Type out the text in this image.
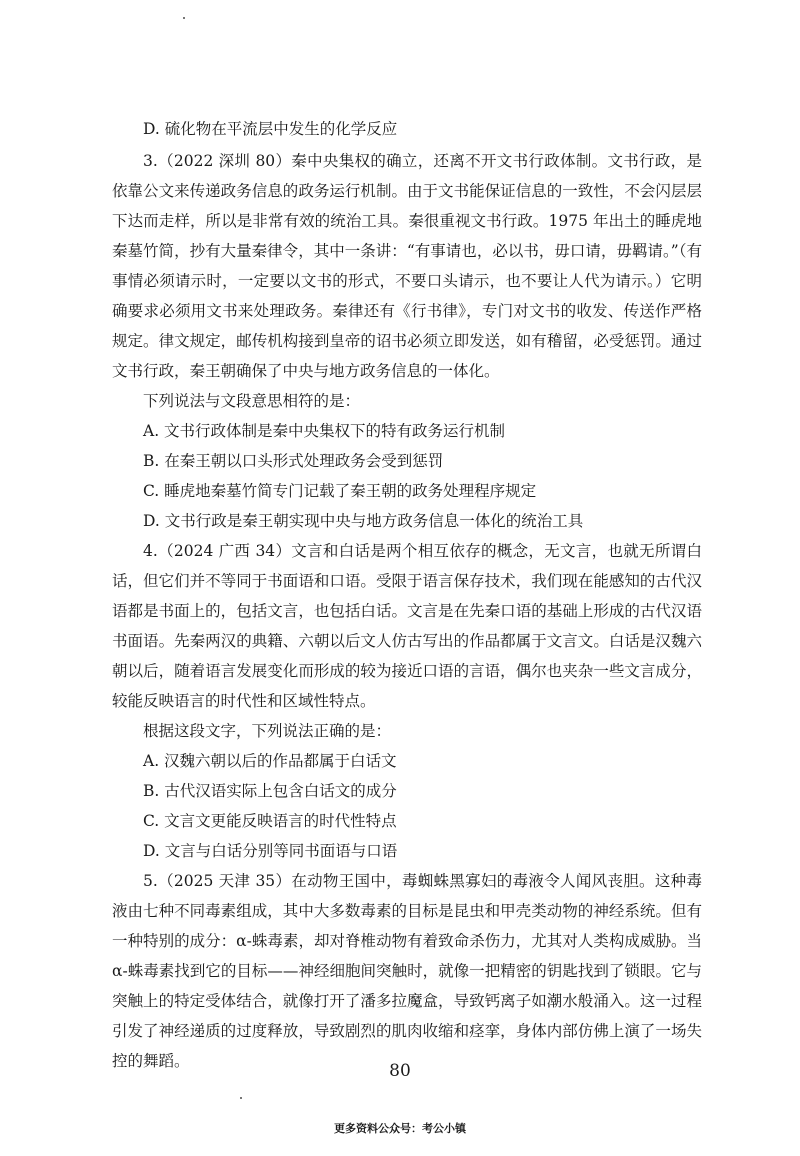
D. 硫化物在平流层中发生的化学反应

3.（2022 深圳 80）秦中央集权的确立，还离不开文书行政体制。文书行政，是依靠公文来传递政务信息的政务运行机制。由于文书能保证信息的一致性，不会闪层层下达而走样，所以是非常有效的统治工具。秦很重视文书行政。1975 年出土的睡虎地秦墓竹简，抄有大量秦律令，其中一条讲：“有事请也，必以书，毋口请，毋羁请。”（有事情必须请示时，一定要以文书的形式，不要口头请示，也不要让人代为请示。）它明确要求必须用文书来处理政务。秦律还有《行书律》，专门对文书的收发、传送作严格规定。律文规定，邮传机构接到皇帝的诏书必须立即发送，如有稽留，必受惩罚。通过文书行政，秦王朝确保了中央与地方政务信息的一体化。

下列说法与文段意思相符的是：

A. 文书行政体制是秦中央集权下的特有政务运行机制

B. 在秦王朝以口头形式处理政务会受到惩罚

C. 睡虎地秦墓竹简专门记载了秦王朝的政务处理程序规定

D. 文书行政是秦王朝实现中央与地方政务信息一体化的统治工具

4.（2024 广西 34）文言和白话是两个相互依存的概念，无文言，也就无所谓白话，但它们并不等同于书面语和口语。受限于语言保存技术，我们现在能感知的古代汉语都是书面上的，包括文言，也包括白话。文言是在先秦口语的基础上形成的古代汉语书面语。先秦两汉的典籍、六朝以后文人仿古写出的作品都属于文言文。白话是汉魏六朝以后，随着语言发展变化而形成的较为接近口语的言语，偶尔也夹杂一些文言成分，较能反映语言的时代性和区域性特点。

根据这段文字，下列说法正确的是：

A. 汉魏六朝以后的作品都属于白话文

B. 古代汉语实际上包含白话文的成分

C. 文言文更能反映语言的时代性特点

D. 文言与白话分别等同书面语与口语

5.（2025 天津 35）在动物王国中，毒蜘蛛黑寡妇的毒液令人闻风丧胆。这种毒液由七种不同毒素组成，其中大多数毒素的目标是昆虫和甲壳类动物的神经系统。但有一种特别的成分：α-蛛毒素，却对脊椎动物有着致命杀伤力，尤其对人类构成威胁。当α-蛛毒素找到它的目标——神经细胞间突触时，就像一把精密的钥匙找到了锁眼。它与突触上的特定受体结合，就像打开了潘多拉魔盒，导致钙离子如潮水般涌入。这一过程引发了神经递质的过度释放，导致剧烈的肌肉收缩和痉挛，身体内部仿佛上演了一场失控的舞蹈。	80
更多资料公众号：考公小镇
